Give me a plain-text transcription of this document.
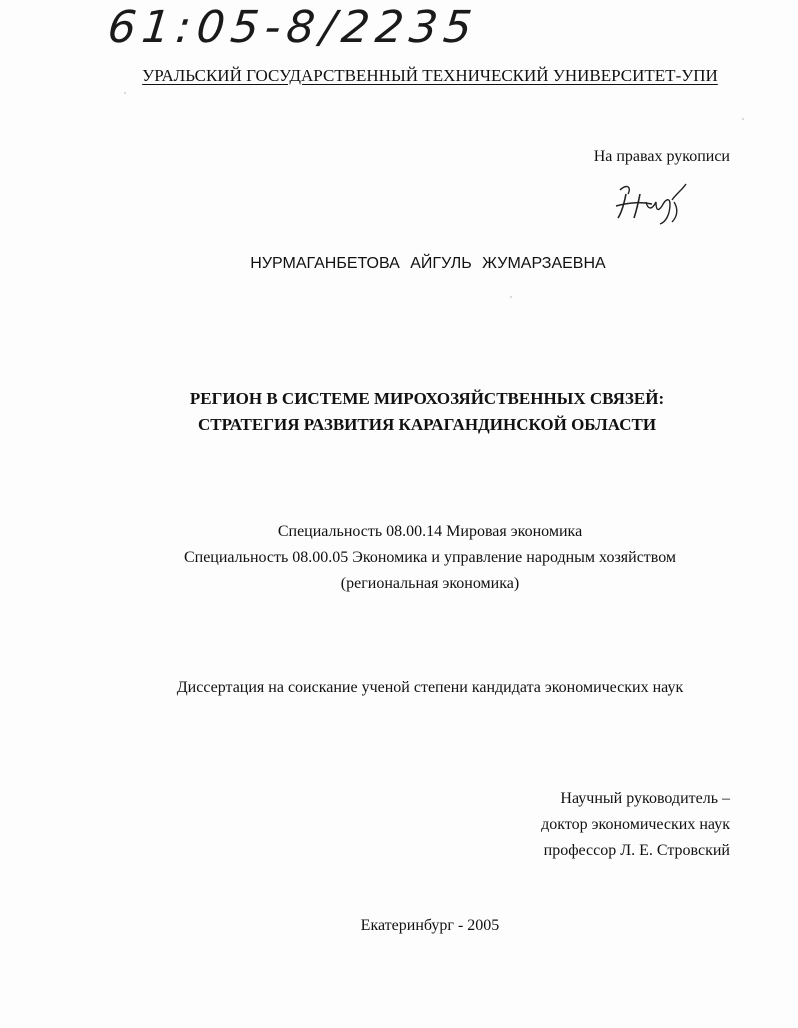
61:05-8/2235
УРАЛЬСКИЙ ГОСУДАРСТВЕННЫЙ ТЕХНИЧЕСКИЙ УНИВЕРСИТЕТ-УПИ
На правах рукописи
НУРМАГАНБЕТОВА АЙГУЛЬ ЖУМАРЗАЕВНА
РЕГИОН В СИСТЕМЕ МИРОХОЗЯЙСТВЕННЫХ СВЯЗЕЙ:
СТРАТЕГИЯ РАЗВИТИЯ КАРАГАНДИНСКОЙ ОБЛАСТИ
Специальность 08.00.14 Мировая экономика
Специальность 08.00.05 Экономика и управление народным хозяйством
(региональная экономика)
Диссертация на соискание ученой степени кандидата экономических наук
Научный руководитель –
доктор экономических наук
профессор Л. Е. Стровский
Екатеринбург - 2005
